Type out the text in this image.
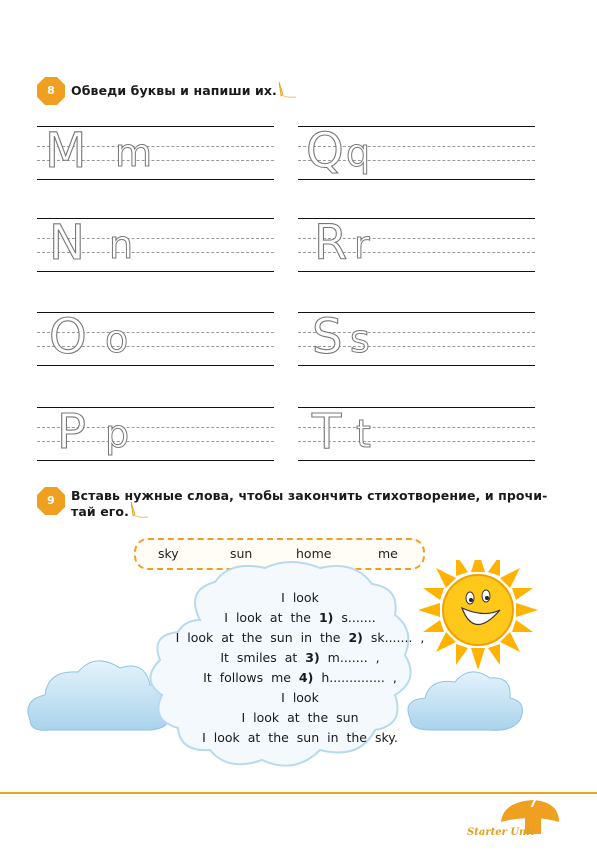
8	Обведи буквы и напиши их.
M m
N n
O o
P p
Q q
R r
S s
T t
9	Вставь нужные слова, чтобы закончить стихотворение, и прочи-
тай его.
sky	sun	home	me
I look
I look at the 1) s.......
I look at the sun in the 2) sk....... ,
It smiles at 3) m....... ,
It follows me 4) h.............. ,
I look
I look at the sun
I look at the sun in the sky.
7
Starter Unit
